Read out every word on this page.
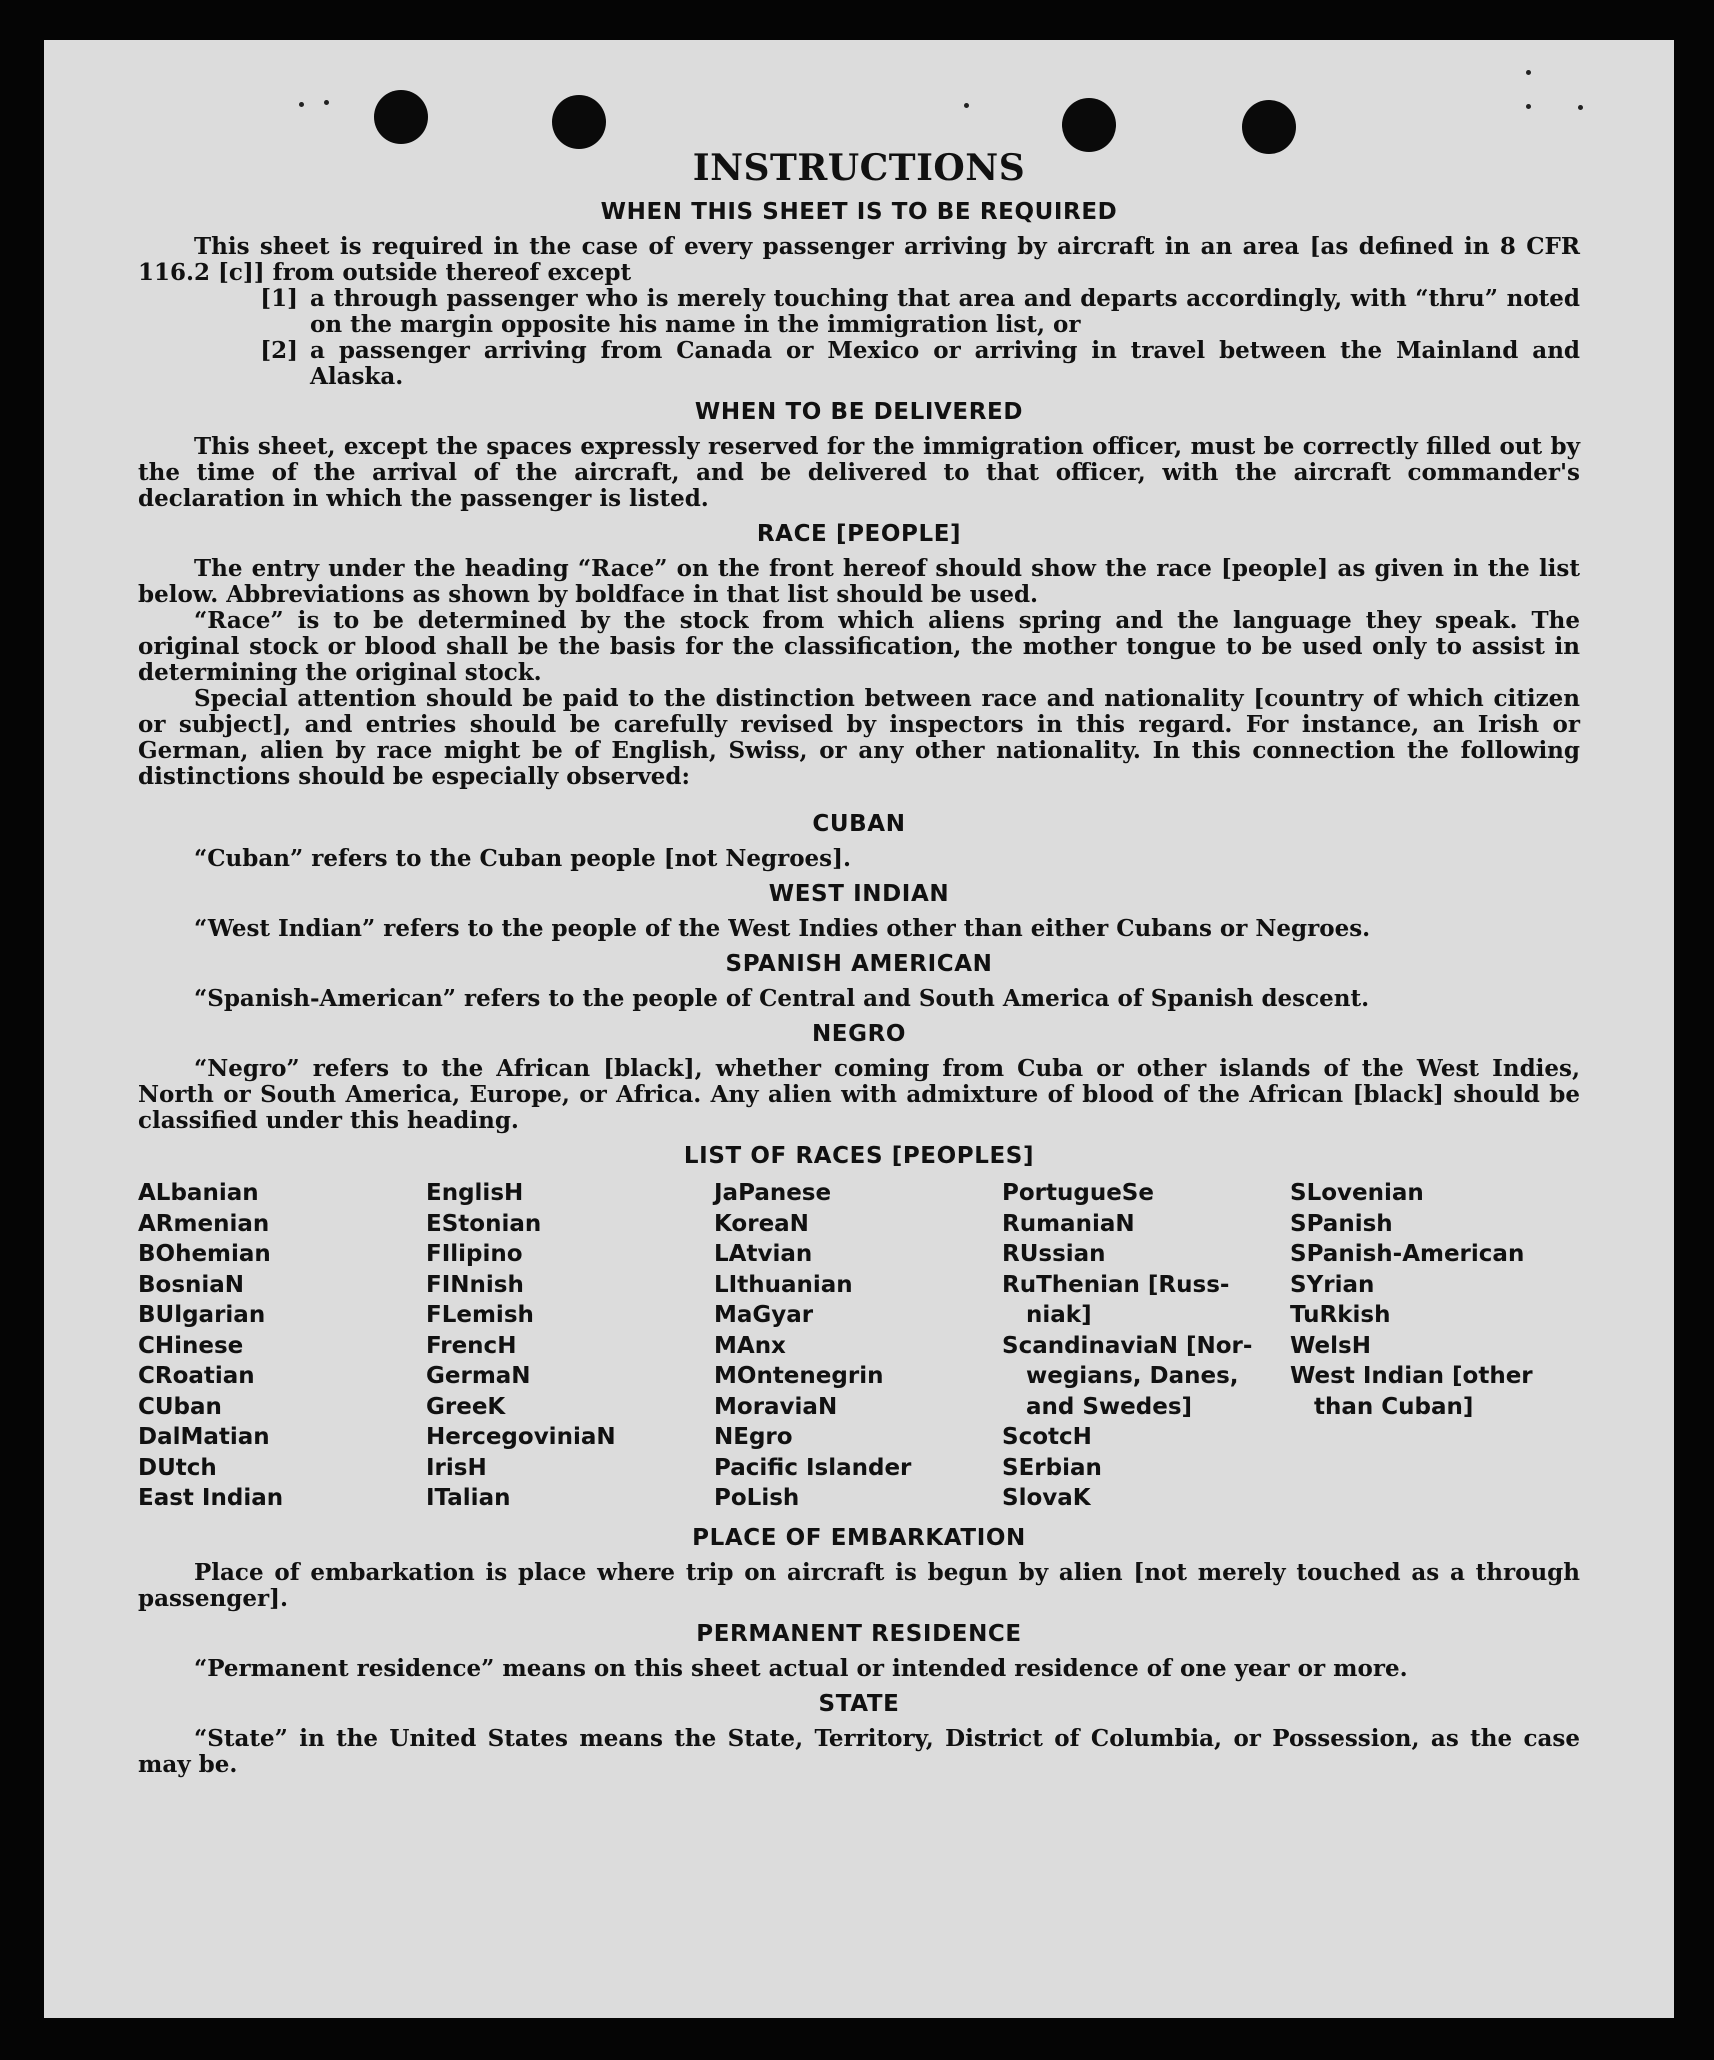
INSTRUCTIONS
WHEN THIS SHEET IS TO BE REQUIRED

This sheet is required in the case of every passenger arriving by aircraft in an area [as defined in 8 CFR 116.2 [c]] from outside thereof except

[1] a through passenger who is merely touching that area and departs accordingly, with “thru” noted on the margin opposite his name in the immigration list, or
[2] a passenger arriving from Canada or Mexico or arriving in travel between the Mainland and Alaska.
WHEN TO BE DELIVERED

This sheet, except the spaces expressly reserved for the immigration officer, must be correctly filled out by the time of the arrival of the aircraft, and be delivered to that officer, with the aircraft commander's declaration in which the passenger is listed.

RACE [PEOPLE]

The entry under the heading “Race” on the front hereof should show the race [people] as given in the list below. Abbreviations as shown by boldface in that list should be used.

“Race” is to be determined by the stock from which aliens spring and the language they speak. The original stock or blood shall be the basis for the classification, the mother tongue to be used only to assist in determining the original stock.

Special attention should be paid to the distinction between race and nationality [country of which citizen or subject], and entries should be carefully revised by inspectors in this regard. For instance, an Irish or German, alien by race might be of English, Swiss, or any other nationality. In this connection the following distinctions should be especially observed:

CUBAN

“Cuban” refers to the Cuban people [not Negroes].

WEST INDIAN

“West Indian” refers to the people of the West Indies other than either Cubans or Negroes.

SPANISH AMERICAN

“Spanish-American” refers to the people of Central and South America of Spanish descent.

NEGRO

“Negro” refers to the African [black], whether coming from Cuba or other islands of the West Indies, North or South America, Europe, or Africa. Any alien with admixture of blood of the African [black] should be classified under this heading.

LIST OF RACES [PEOPLES]
ALbanian
ARmenian
BOhemian
BosniaN
BUlgarian
CHinese
CRoatian
CUban
DalMatian
DUtch
East Indian
EnglisH
EStonian
FIlipino
FINnish
FLemish
FrencH
GermaN
GreeK
HercegoviniaN
IrisH
ITalian
JaPanese
KoreaN
LAtvian
LIthuanian
MaGyar
MAnx
MOntenegrin
MoraviaN
NEgro
Pacific Islander
PoLish
PortugueSe
RumaniaN
RUssian
RuThenian [Russ-
niak]
ScandinaviaN [Nor-
wegians, Danes,
and Swedes]
ScotcH
SErbian
SlovaK
SLovenian
SPanish
SPanish-American
SYrian
TuRkish
WelsH
West Indian [other
than Cuban]
PLACE OF EMBARKATION

Place of embarkation is place where trip on aircraft is begun by alien [not merely touched as a through passenger].

PERMANENT RESIDENCE

“Permanent residence” means on this sheet actual or intended residence of one year or more.

STATE

“State” in the United States means the State, Territory, District of Columbia, or Possession, as the case may be.
